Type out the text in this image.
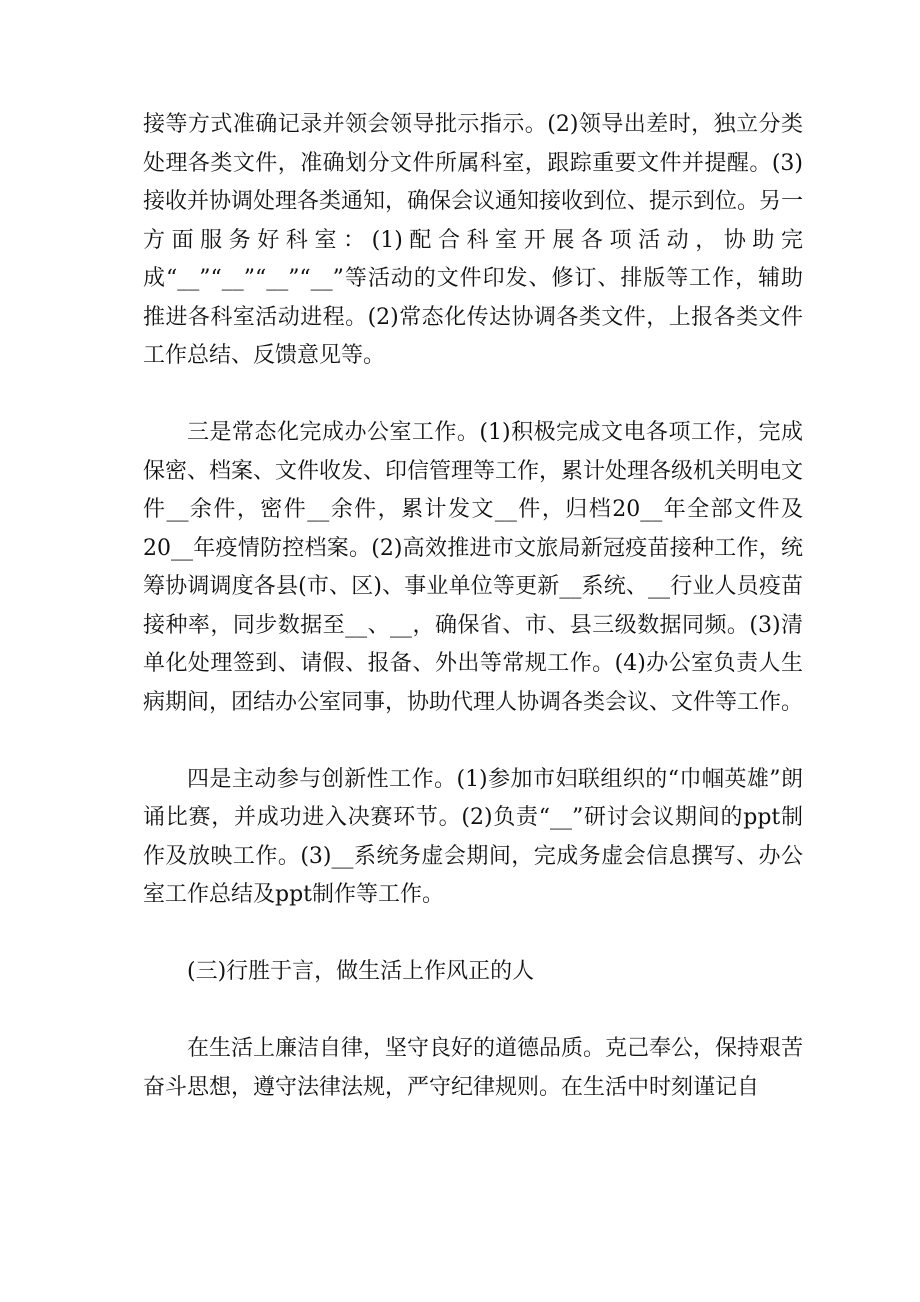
接等方式准确记录并领会领导批示指示。(2)领导出差时，独立分类处理各类文件，准确划分文件所属科室，跟踪重要文件并提醒。(3)接收并协调处理各类通知，确保会议通知接收到位、提示到位。另一方面服务好科室：(1)配合科室开展各项活动，协助完成“__”“__”“__”“__”等活动的文件印发、修订、排版等工作，辅助推进各科室活动进程。(2)常态化传达协调各类文件，上报各类文件工作总结、反馈意见等。

三是常态化完成办公室工作。(1)积极完成文电各项工作，完成保密、档案、文件收发、印信管理等工作，累计处理各级机关明电文件__余件，密件__余件，累计发文__件，归档20__年全部文件及20__年疫情防控档案。(2)高效推进市文旅局新冠疫苗接种工作，统筹协调调度各县(市、区)、事业单位等更新__系统、__行业人员疫苗接种率，同步数据至__、__，确保省、市、县三级数据同频。(3)清单化处理签到、请假、报备、外出等常规工作。(4)办公室负责人生病期间，团结办公室同事，协助代理人协调各类会议、文件等工作。

四是主动参与创新性工作。(1)参加市妇联组织的“巾帼英雄”朗诵比赛，并成功进入决赛环节。(2)负责“__”研讨会议期间的ppt制作及放映工作。(3)__系统务虚会期间，完成务虚会信息撰写、办公室工作总结及ppt制作等工作。

(三)行胜于言，做生活上作风正的人

在生活上廉洁自律，坚守良好的道德品质。克己奉公，保持艰苦奋斗思想，遵守法律法规，严守纪律规则。在生活中时刻谨记自
